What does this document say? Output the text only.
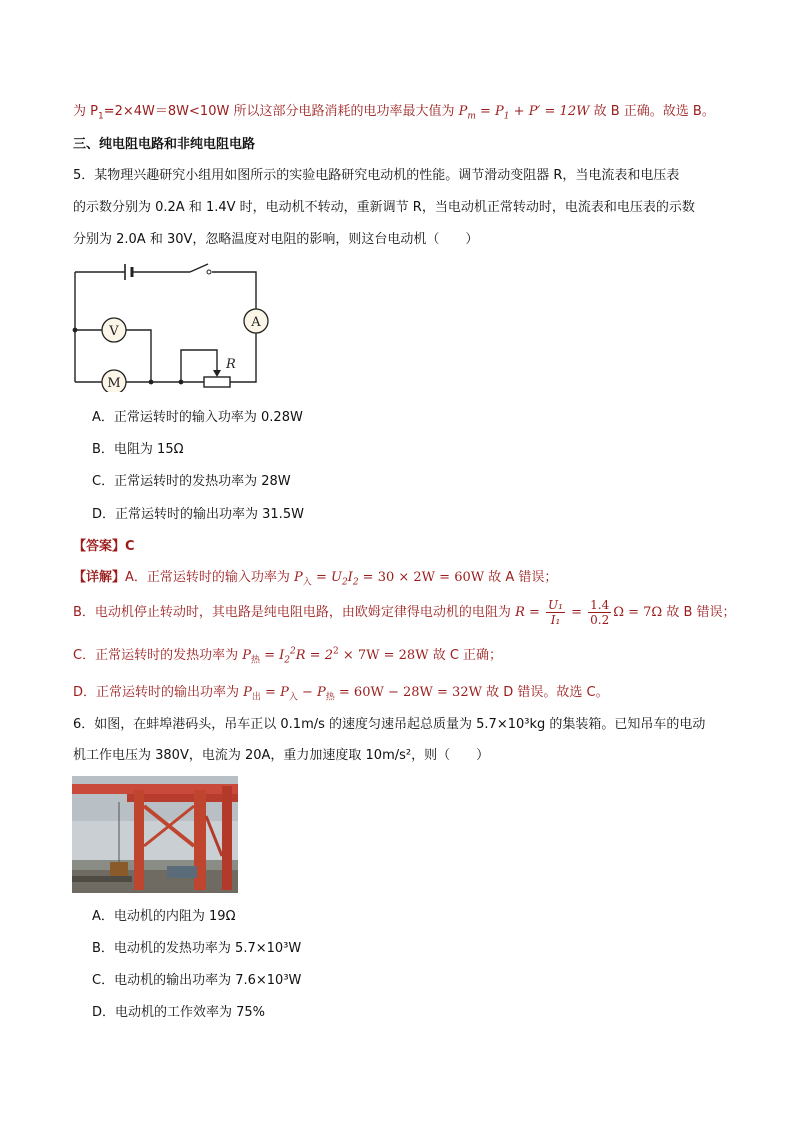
为 $P_1=2\times 4W=8W<10W$ 所以这部分电路消耗的电功率最大值为 $P_m = P_1 + P' = 12W$ 故 B 正确。故选 B。
三、纯电阻电路和非纯电阻电路
5．某物理兴趣研究小组用如图所示的实验电路研究电动机的性能。调节滑动变阻器 R，当电流表和电压表
的示数分别为 0.2A 和 1.4V 时，电动机不转动，重新调节 R，当电动机正常转动时，电流表和电压表的示数
分别为 2.0A 和 30V，忽略温度对电阻的影响，则这台电动机（　　）
V
A
M
R
A．正常运转时的输入功率为 0.28W
B．电阻为 15Ω
C．正常运转时的发热功率为 28W
D．正常运转时的输出功率为 31.5W
【答案】C
【详解】A．正常运转时的输入功率为 $P_入 = U_2I_2 = 30 \times 2W = 60W$ 故 A 错误；
B．电动机停止转动时，其电路是纯电阻电路，由欧姆定律得电动机的电阻为 $R = \frac{\text{U₁}}{\text{I₁}} = \frac{1.4}{0.2}$ Ω = 7Ω 故 B 错误；
C．正常运转时的发热功率为 $P_热 = I_2^2R = 2^2 \times 7W = 28W$ 故 C 正确；
D．正常运转时的输出功率为 $P_出 = P_入 - P_热 = 60W - 28W = 32W$ 故 D 错误。故选 C。
6．如图，在蚌埠港码头，吊车正以 0.1m/s 的速度匀速吊起总质量为 5.7×10³kg 的集装箱。已知吊车的电动
机工作电压为 380V，电流为 20A，重力加速度取 10m/s²，则（　　）
A．电动机的内阻为 19Ω
B．电动机的发热功率为 5.7×10³W
C．电动机的输出功率为 7.6×10³W
D．电动机的工作效率为 75%
